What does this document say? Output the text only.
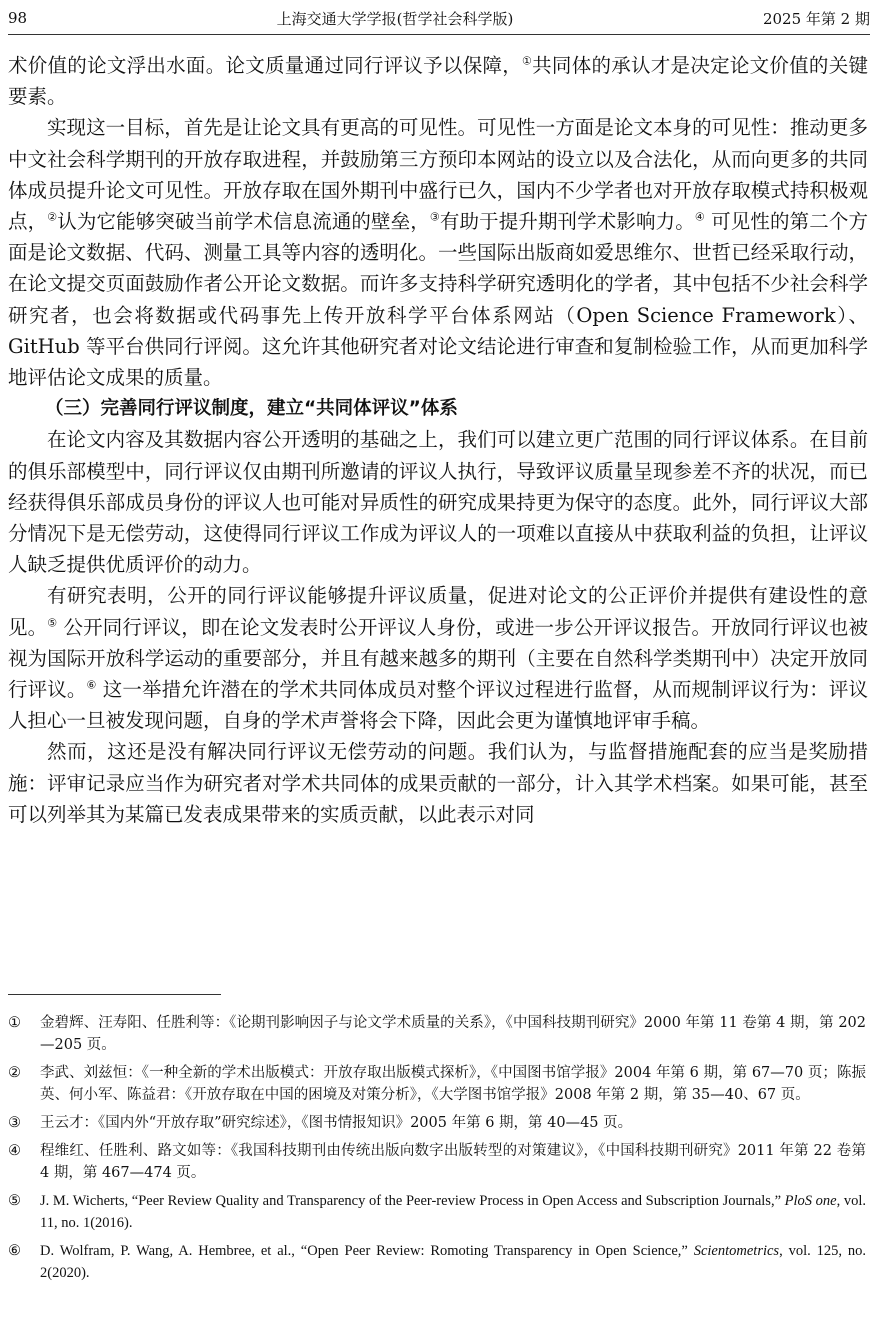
98	上海交通大学学报(哲学社会科学版)	2025 年第 2 期

术价值的论文浮出水面。论文质量通过同行评议予以保障，①共同体的承认才是决定论文价值的关键要素。

实现这一目标，首先是让论文具有更高的可见性。可见性一方面是论文本身的可见性：推动更多中文社会科学期刊的开放存取进程，并鼓励第三方预印本网站的设立以及合法化，从而向更多的共同体成员提升论文可见性。开放存取在国外期刊中盛行已久，国内不少学者也对开放存取模式持积极观点，②认为它能够突破当前学术信息流通的壁垒，③有助于提升期刊学术影响力。④ 可见性的第二个方面是论文数据、代码、测量工具等内容的透明化。一些国际出版商如爱思维尔、世哲已经采取行动，在论文提交页面鼓励作者公开论文数据。而许多支持科学研究透明化的学者，其中包括不少社会科学研究者，也会将数据或代码事先上传开放科学平台体系网站（Open Science Framework）、GitHub 等平台供同行评阅。这允许其他研究者对论文结论进行审查和复制检验工作，从而更加科学地评估论文成果的质量。

（三）完善同行评议制度，建立“共同体评议”体系

在论文内容及其数据内容公开透明的基础之上，我们可以建立更广范围的同行评议体系。在目前的俱乐部模型中，同行评议仅由期刊所邀请的评议人执行，导致评议质量呈现参差不齐的状况，而已经获得俱乐部成员身份的评议人也可能对异质性的研究成果持更为保守的态度。此外，同行评议大部分情况下是无偿劳动，这使得同行评议工作成为评议人的一项难以直接从中获取利益的负担，让评议人缺乏提供优质评价的动力。

有研究表明，公开的同行评议能够提升评议质量，促进对论文的公正评价并提供有建设性的意见。⑤ 公开同行评议，即在论文发表时公开评议人身份，或进一步公开评议报告。开放同行评议也被视为国际开放科学运动的重要部分，并且有越来越多的期刊（主要在自然科学类期刊中）决定开放同行评议。⑥ 这一举措允许潜在的学术共同体成员对整个评议过程进行监督，从而规制评议行为：评议人担心一旦被发现问题，自身的学术声誉将会下降，因此会更为谨慎地评审手稿。

然而，这还是没有解决同行评议无偿劳动的问题。我们认为，与监督措施配套的应当是奖励措施：评审记录应当作为研究者对学术共同体的成果贡献的一部分，计入其学术档案。如果可能，甚至可以列举其为某篇已发表成果带来的实质贡献，以此表示对同

①	金碧辉、汪寿阳、任胜利等：《论期刊影响因子与论文学术质量的关系》，《中国科技期刊研究》2000 年第 11 卷第 4 期，第 202—205 页。
②	李武、刘兹恒：《一种全新的学术出版模式：开放存取出版模式探析》，《中国图书馆学报》2004 年第 6 期，第 67—70 页；陈振英、何小军、陈益君：《开放存取在中国的困境及对策分析》，《大学图书馆学报》2008 年第 2 期，第 35—40、67 页。
③	王云才：《国内外“开放存取”研究综述》，《图书情报知识》2005 年第 6 期，第 40—45 页。
④	程维红、任胜利、路文如等：《我国科技期刊由传统出版向数字出版转型的对策建议》，《中国科技期刊研究》2011 年第 22 卷第 4 期，第 467—474 页。
⑤	J. M. Wicherts, “Peer Review Quality and Transparency of the Peer-review Process in Open Access and Subscription Journals,” PloS one, vol. 11, no. 1(2016).
⑥	D. Wolfram, P. Wang, A. Hembree, et al., “Open Peer Review: Romoting Transparency in Open Science,” Scientometrics, vol. 125, no. 2(2020).
